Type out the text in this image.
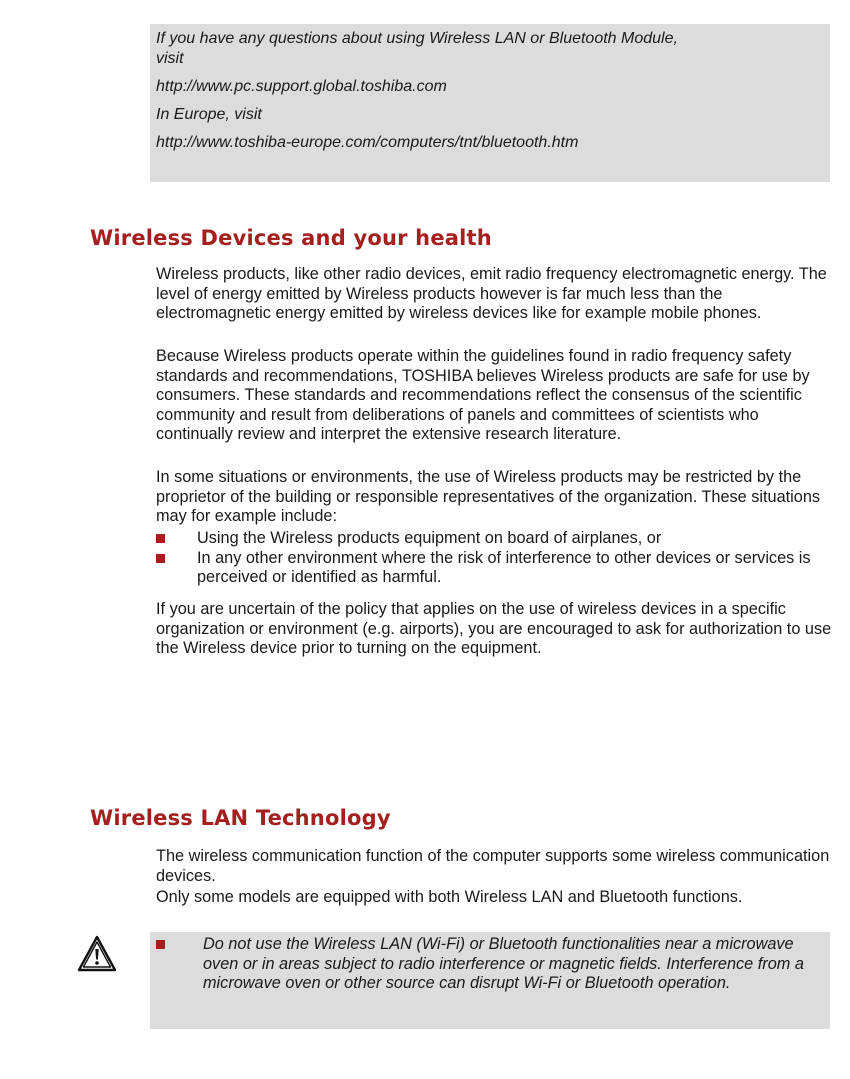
If you have any questions about using Wireless LAN or Bluetooth Module,

visit

http://www.pc.support.global.toshiba.com

In Europe, visit

http://www.toshiba-europe.com/computers/tnt/bluetooth.htm

Wireless Devices and your health

Wireless products, like other radio devices, emit radio frequency electromagnetic energy. The level of energy emitted by Wireless products however is far much less than the electromagnetic energy emitted by wireless devices like for example mobile phones.

Because Wireless products operate within the guidelines found in radio frequency safety standards and recommendations, TOSHIBA believes Wireless products are safe for use by consumers. These standards and recommendations reflect the consensus of the scientific community and result from deliberations of panels and committees of scientists who continually review and interpret the extensive research literature.

In some situations or environments, the use of Wireless products may be restricted by the proprietor of the building or responsible representatives of the organization. These situations may for example include:

Using the Wireless products equipment on board of airplanes, or
In any other environment where the risk of interference to other devices or services is perceived or identified as harmful.

If you are uncertain of the policy that applies on the use of wireless devices in a specific organization or environment (e.g. airports), you are encouraged to ask for authorization to use the Wireless device prior to turning on the equipment.

Wireless LAN Technology

The wireless communication function of the computer supports some wireless communication devices.

Only some models are equipped with both Wireless LAN and Bluetooth functions.

Do not use the Wireless LAN (Wi-Fi) or Bluetooth functionalities near a microwave oven or in areas subject to radio interference or magnetic fields. Interference from a microwave oven or other source can disrupt Wi-Fi or Bluetooth operation.
